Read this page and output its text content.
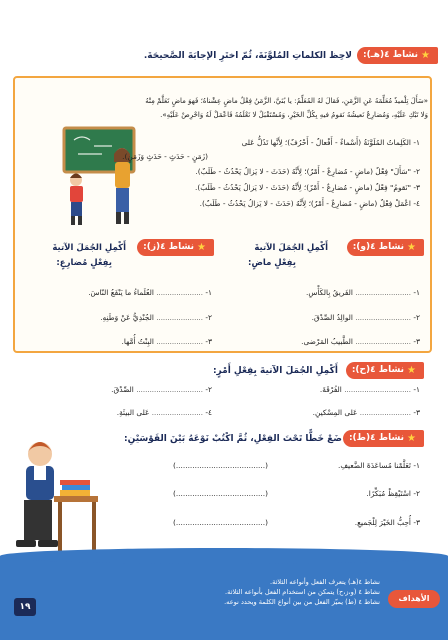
★
نشاط ٤(هـ):
لاحِظ الكلماتِ المُلوَّنَةَ، ثُمّ اختَرِ الإجابَةَ الصَّحيحَةَ.
«سَأَلَ تِلْميذٌ مُعَلِّمَهُ عَنِ الزَّمَنِ، فَقالَ لهُ المُعَلِّمُ: يا بُنَيَّ، الزَّمَنُ فِعْلٌ ماضٍ عِشْناهُ؛ فَهوَ ماضٍ تَعَلَّمْ مِنْهُ
وَلا تَبْكِ عَلَيْهِ، وَمُضارِعٌ نَعيشُهُ نَقومُ فيهِ بِكُلِّ الخَيْرِ، وَمُسْتَقْبَلٌ لا نَعْلَمُهُ فَاعْمَلْ لَهُ وَاحْرِصْ عَلَيْهِ».
١- الكَلِماتُ المُلَوَّنَةُ (أَسْماءٌ - أَفْعالٌ - أَحْرُفٌ)؛ لِأَنَّها تَدُلُّ عَلى
(زَمَنٍ - حَدَثٍ - حَدَثٍ وَزَمَنٍ).
٢- "سَأَلَ" فِعْلٌ (ماضٍ - مُضارِعٌ - أَمْرٌ)؛ لِأَنَّهُ (حَدَثَ - لا يَزالُ يَحْدُثُ - طَلَبٌ).
٣- "نَقومُ" فِعْلٌ (ماضٍ - مُضارِعٌ - أَمْرٌ)؛ لِأَنَّهُ (حَدَثَ - لا يَزالُ يَحْدُثُ - طَلَبٌ).
٤- اعْمَلْ فِعْلٌ (ماضٍ - مُضارِعٌ - أَمْرٌ)؛ لِأَنَّهُ (حَدَثَ - لا يَزالُ يَحْدُثُ - طَلَبٌ).
★
نشاط ٤(و):
أَكْمِلِ الجُمَلَ الآتيةَ
بِفِعْلٍ ماضٍ:
١- ......................... الفَريقُ بِالكَأْسِ.
٢- ......................... الوالِدُ الصِّدْقَ.
٣- ......................... الطَّبيبُ المَرْضى.
★
نشاط ٤(ز):
أَكْمِلِ الجُمَلَ الآتيةَ
بِفِعْلٍ مُضارِعٍ:
١- ..................... العُلَماءُ ما يَنْفَعُ النّاسَ.
٢- ..................... الجُنْدِيُّ عَنْ وَطَنِهِ.
٣- ..................... البِنْتُ أُمَّها.
★
نشاط ٤(ح):
أَكْمِلِ الجُمَلَ الآتيةَ بِفِعْلِ أَمْرٍ:
١- .............................. الفُرْقَةَ.
٢- .............................. الصِّدْقَ.
٣- ....................... عَلى المِسْكينِ.
٤- ....................... عَلى البيئَةِ.
★
نشاط ٤(ط):
ضَعْ خَطًّا تَحْتَ الفِعْلِ، ثُمَّ اكْتُبْ نَوْعَهُ بَيْنَ القَوْسَيْنِ:
١- تَعَلَّمْنا مُساعَدَةَ الضَّعيفِ.
(......................................)
٢- اسْتَيْقِظْ مُبَكِّرًا.
(......................................)
٣- أُحِبُّ الخَيْرَ لِلْجَميعِ.
(......................................)
الأهداف
نشاط ٤(هـ) يتعرف الفعل وأنواعه الثلاثة.
نشاط ٤ (و،ز،ح) يتمكن من استخدام الفعل بأنواعه الثلاثة.
نشاط ٤ (ط) يميّز الفعل من بين أنواع الكلمة ويحدد نوعه.
١٩
